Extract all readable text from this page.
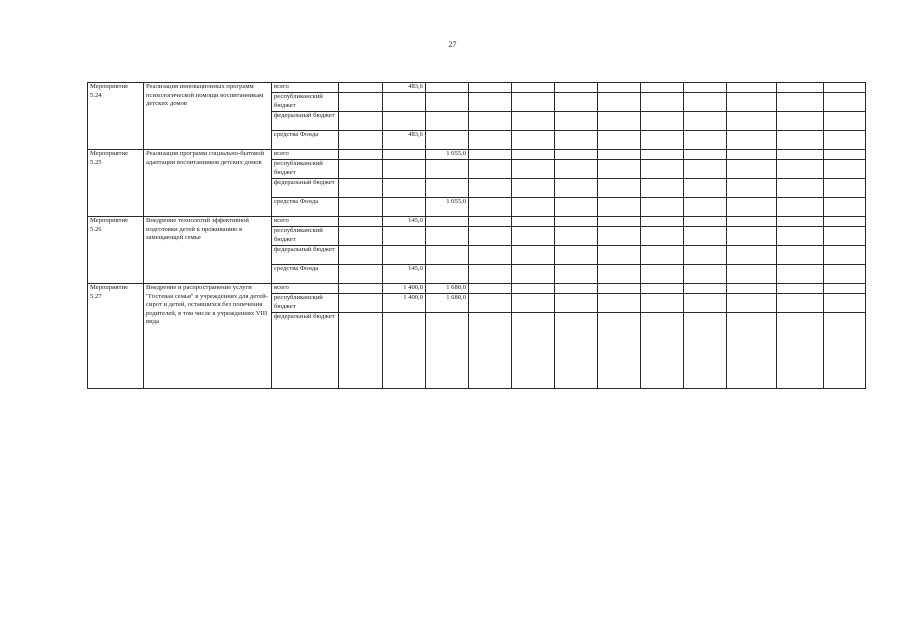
27
Мероприятие 5.24	Реализация инновационных программ психологической помощи воспитанникам детских домов	всего		483,6										
		республиканский бюджет												
		федеральный бюджет												
		средства Фонда		483,6										
Мероприятие 5.25	Реализация программ социально-бытовой адаптации воспитанников детских домов	всего			1 055,0									
		республиканский бюджет												
		федеральный бюджет												
		средства Фонда			1 055,0									
Мероприятие 5.26	Внедрение технологий эффективной подготовки детей к проживанию в замещающей семье	всего		145,0										
		республиканский бюджет												
		федеральный бюджет												
		средства Фонда		145,0										
Мероприятие 5.27	Внедрение и распространение услуги "Гостевая семья" в учреждениях для детей-сирот и детей, оставшихся без попечения родителей, в том числе в учреждениях VIII вида	всего		1 400,0	1 680,0									
		республиканский бюджет		1 400,0	1 680,0									
		федеральный бюджет												
